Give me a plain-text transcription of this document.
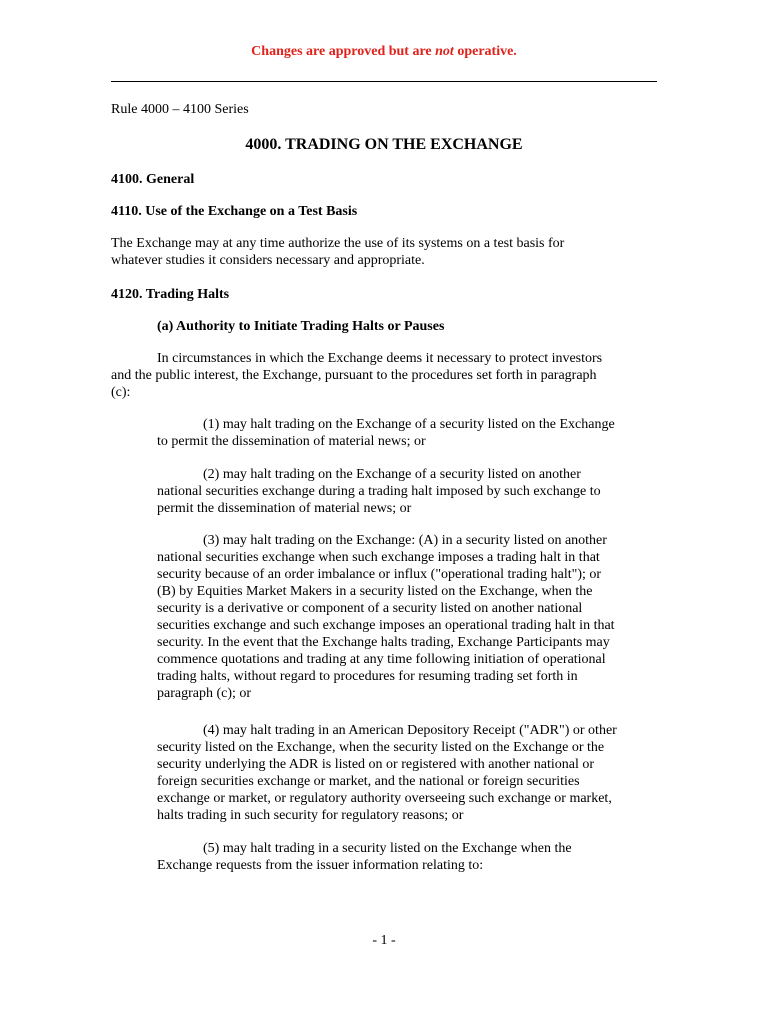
Changes are approved but are not operative.

Rule 4000 – 4100 Series

4000. TRADING ON THE EXCHANGE

4100. General

4110. Use of the Exchange on a Test Basis

The Exchange may at any time authorize the use of its systems on a test basis for
whatever studies it considers necessary and appropriate.

4120. Trading Halts

(a) Authority to Initiate Trading Halts or Pauses

In circumstances in which the Exchange deems it necessary to protect investors
and the public interest, the Exchange, pursuant to the procedures set forth in paragraph
(c):
(1) may halt trading on the Exchange of a security listed on the Exchange
to permit the dissemination of material news; or
(2) may halt trading on the Exchange of a security listed on another
national securities exchange during a trading halt imposed by such exchange to
permit the dissemination of material news; or
(3) may halt trading on the Exchange: (A) in a security listed on another
national securities exchange when such exchange imposes a trading halt in that
security because of an order imbalance or influx ("operational trading halt"); or
(B) by Equities Market Makers in a security listed on the Exchange, when the
security is a derivative or component of a security listed on another national
securities exchange and such exchange imposes an operational trading halt in that
security. In the event that the Exchange halts trading, Exchange Participants may
commence quotations and trading at any time following initiation of operational
trading halts, without regard to procedures for resuming trading set forth in
paragraph (c); or
(4) may halt trading in an American Depository Receipt ("ADR") or other
security listed on the Exchange, when the security listed on the Exchange or the
security underlying the ADR is listed on or registered with another national or
foreign securities exchange or market, and the national or foreign securities
exchange or market, or regulatory authority overseeing such exchange or market,
halts trading in such security for regulatory reasons; or
(5) may halt trading in a security listed on the Exchange when the
Exchange requests from the issuer information relating to:
- 1 -
